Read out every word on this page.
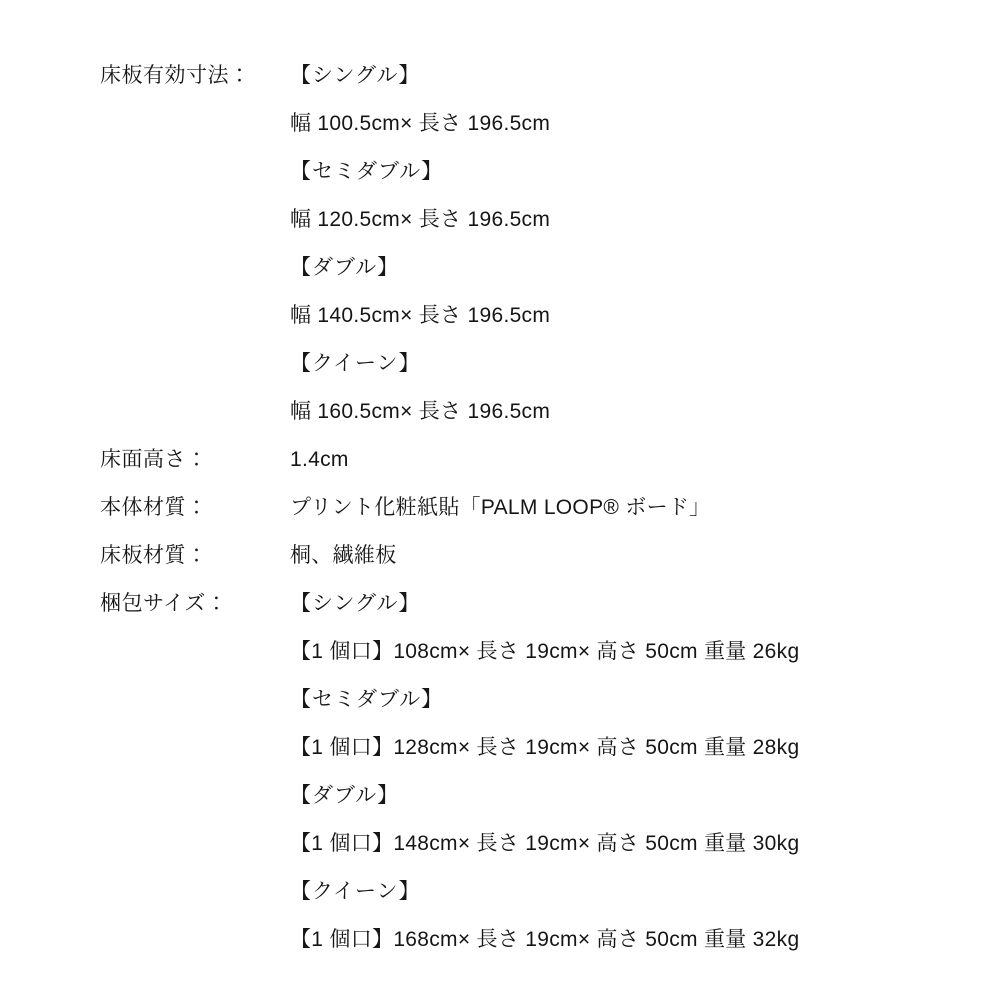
床板有効寸法：	【シングル】
幅 100.5cm× 長さ 196.5cm
【セミダブル】
幅 120.5cm× 長さ 196.5cm
【ダブル】
幅 140.5cm× 長さ 196.5cm
【クイーン】
幅 160.5cm× 長さ 196.5cm

床面高さ：	1.4cm

本体材質：	プリント化粧紙貼「PALM LOOP® ボード」

床板材質：	桐、繊維板

梱包サイズ：	【シングル】
【1 個口】108cm× 長さ 19cm× 高さ 50cm 重量 26kg
【セミダブル】
【1 個口】128cm× 長さ 19cm× 高さ 50cm 重量 28kg
【ダブル】
【1 個口】148cm× 長さ 19cm× 高さ 50cm 重量 30kg
【クイーン】
【1 個口】168cm× 長さ 19cm× 高さ 50cm 重量 32kg
